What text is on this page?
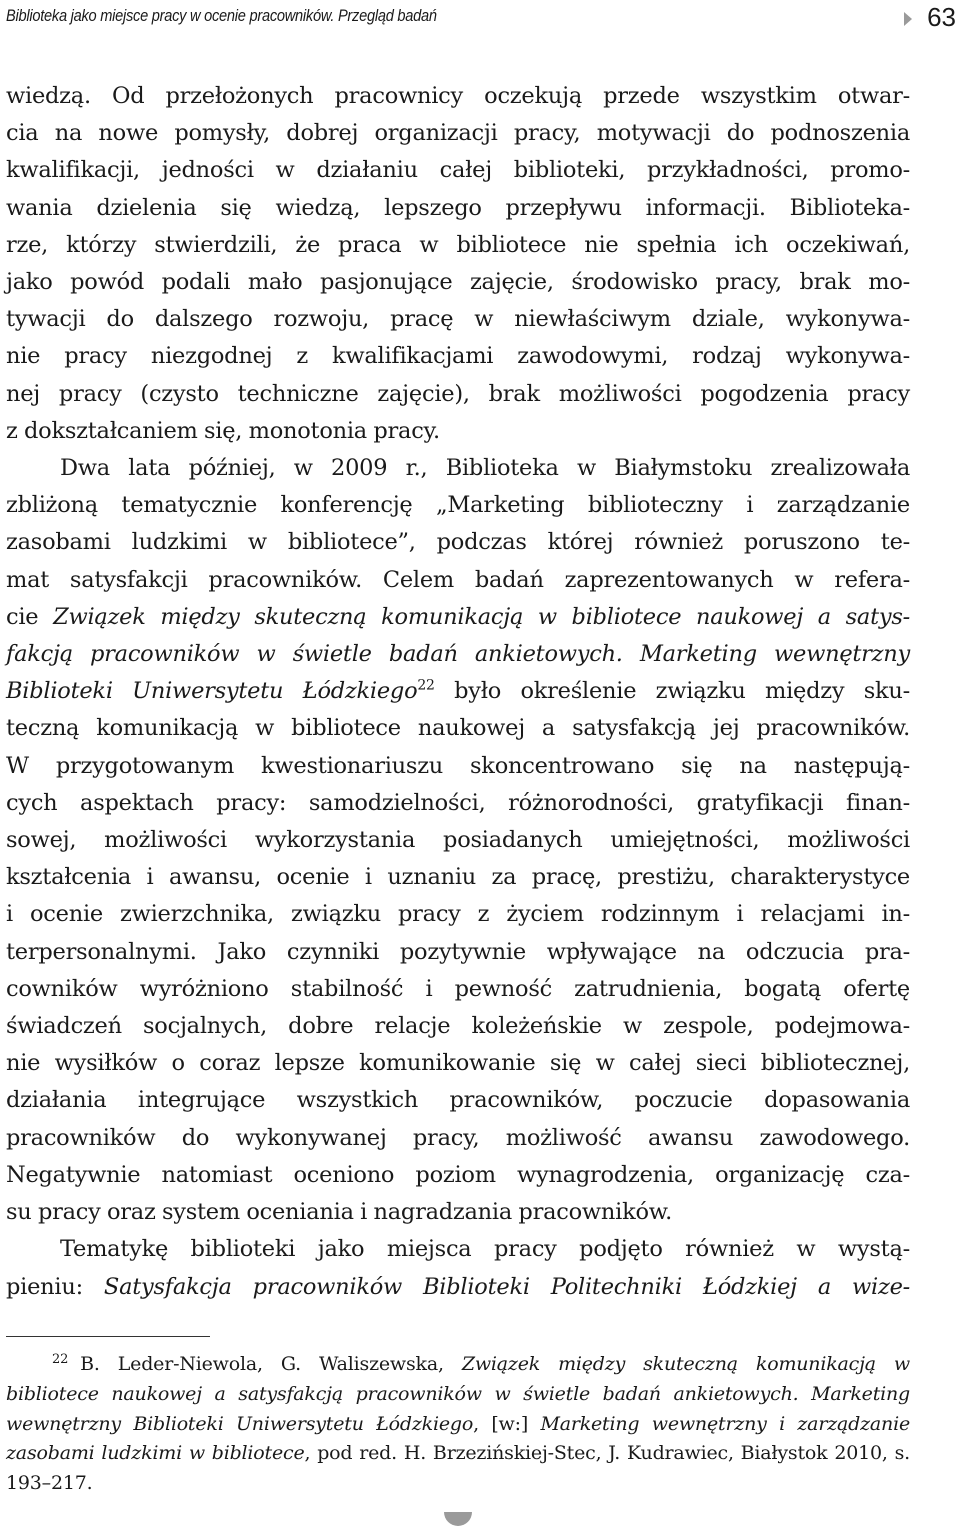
Biblioteka jako miejsce pracy w ocenie pracowników. Przegląd badań	63

wiedzą. Od przełożonych pracownicy oczekują przede wszystkim otwar-

cia na nowe pomysły, dobrej organizacji pracy, motywacji do podnoszenia

kwalifikacji, jedności w działaniu całej biblioteki, przykładności, promo-

wania dzielenia się wiedzą, lepszego przepływu informacji. Bibliotekа-

rze, którzy stwierdzili, że praca w bibliotece nie spełnia ich oczekiwań,

jako powód podali mało pasjonujące zajęcie, środowisko pracy, brak mo-

tywacji do dalszego rozwoju, pracę w niewłaściwym dziale, wykonywa-

nie pracy niezgodnej z kwalifikacjami zawodowymi, rodzaj wykonywa-

nej pracy (czysto techniczne zajęcie), brak możliwości pogodzenia pracy

z dokształcaniem się, monotonia pracy.

Dwa lata później, w 2009 r., Biblioteka w Białymstoku zrealizowała

zbliżoną tematycznie konferencję „Marketing biblioteczny i zarządzanie

zasobami ludzkimi w bibliotece”, podczas której również poruszono te-

mat satysfakcji pracowników. Celem badań zaprezentowanych w refera-

cie Związek między skuteczną komunikacją w bibliotece naukowej a satys-

fakcją pracowników w świetle badań ankietowych. Marketing wewnętrzny

Biblioteki Uniwersytetu Łódzkiego$^{22}$ było określenie związku między sku-

teczną komunikacją w bibliotece naukowej a satysfakcją jej pracowników.

W przygotowanym kwestionariuszu skoncentrowano się na następują-

cych aspektach pracy: samodzielności, różnorodności, gratyfikacji finan-

sowej, możliwości wykorzystania posiadanych umiejętności, możliwości

kształcenia i awansu, ocenie i uznaniu za pracę, prestiżu, charakterystyce

i ocenie zwierzchnika, związku pracy z życiem rodzinnym i relacjami in-

terpersonalnymi. Jako czynniki pozytywnie wpływające na odczucia pra-

cowników wyróżniono stabilność i pewność zatrudnienia, bogatą ofertę

świadczeń socjalnych, dobre relacje koleżeńskie w zespole, podejmowa-

nie wysiłków o coraz lepsze komunikowanie się w całej sieci bibliotecznej,

działania integrujące wszystkich pracowników, poczucie dopasowania

pracowników do wykonywanej pracy, możliwość awansu zawodowego.

Negatywnie natomiast oceniono poziom wynagrodzenia, organizację cza-

su pracy oraz system oceniania i nagradzania pracowników.

Tematykę biblioteki jako miejsca pracy podjęto również w wystą-

pieniu: Satysfakcja pracowników Biblioteki Politechniki Łódzkiej a wize-

22 B. Leder-Niewola, G. Waliszewska, Związek między skuteczną komunikacją w bibliotece naukowej a satysfakcją pracowników w świetle badań ankietowych. Marketing wewnętrzny Biblioteki Uniwersytetu Łódzkiego, [w:] Marketing wewnętrzny i zarządzanie zasobami ludzkimi w bibliotece, pod red. H. Brzezińskiej-Stec, J. Kudrawiec, Białystok 2010, s. 193–217.
